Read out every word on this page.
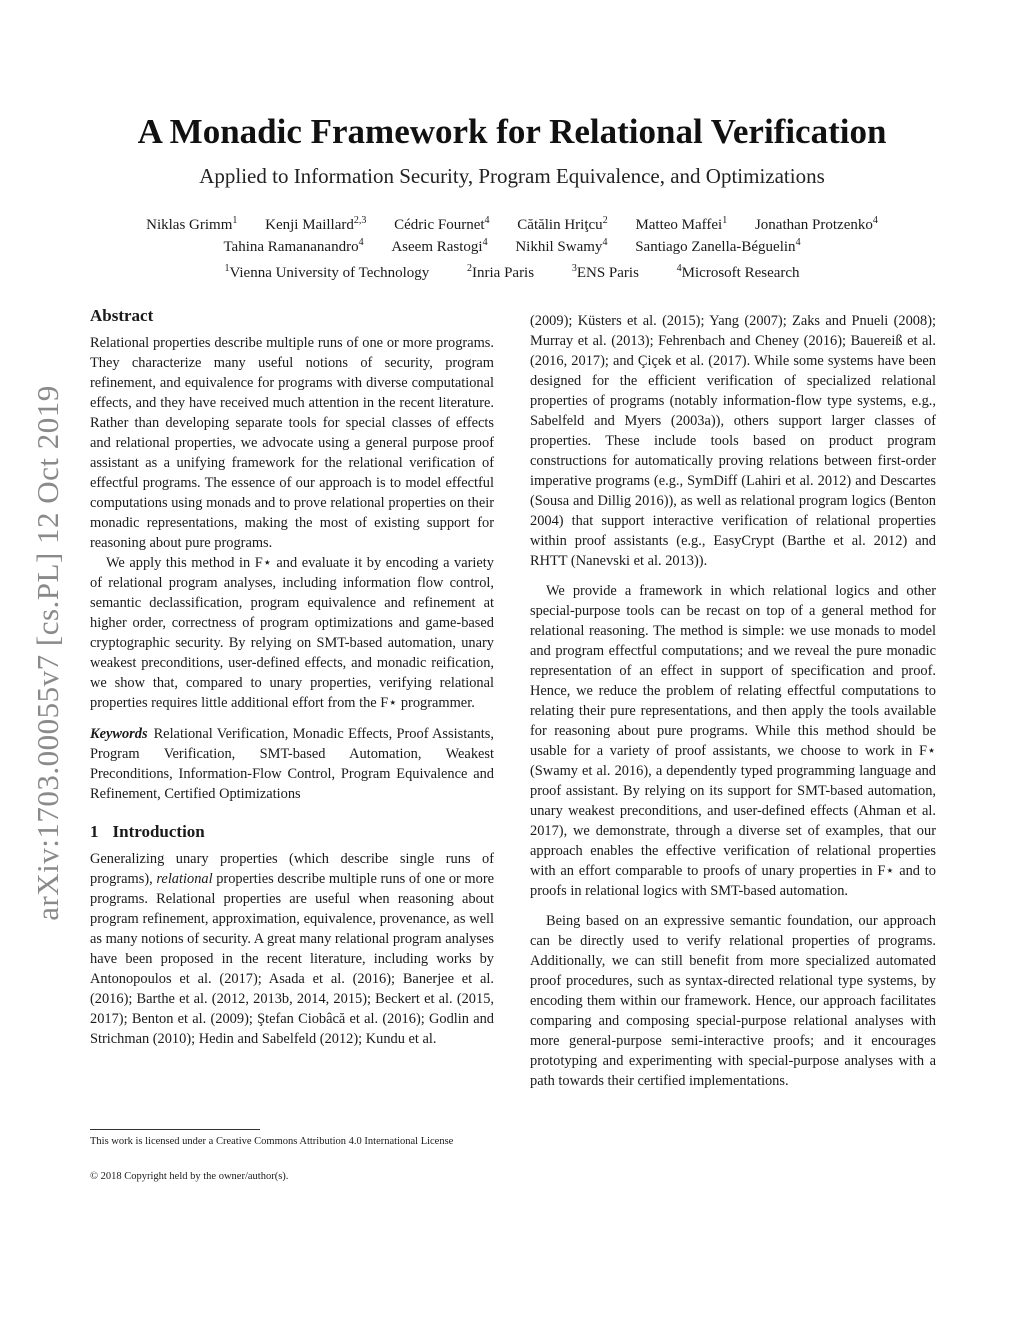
arXiv:1703.00055v7 [cs.PL] 12 Oct 2019
A Monadic Framework for Relational Verification
Applied to Information Security, Program Equivalence, and Optimizations
Niklas Grimm$^1$ Kenji Maillard$^{2,3}$ Cédric Fournet$^4$ Cătălin Hriţcu$^2$ Matteo Maffei$^1$ Jonathan Protzenko$^4$
Tahina Ramananandro$^4$ Aseem Rastogi$^4$ Nikhil Swamy$^4$ Santiago Zanella-Béguelin$^4$
$^1$Vienna University of Technology	$^2$Inria Paris	$^3$ENS Paris	$^4$Microsoft Research
Abstract

Relational properties describe multiple runs of one or more programs. They characterize many useful notions of security, program refinement, and equivalence for programs with diverse computational effects, and they have received much attention in the recent literature. Rather than developing separate tools for special classes of effects and relational properties, we advocate using a general purpose proof assistant as a unifying framework for the relational verification of effectful programs. The essence of our approach is to model effectful computations using monads and to prove relational properties on their monadic representations, making the most of existing support for reasoning about pure programs.

We apply this method in F⋆ and evaluate it by encoding a variety of relational program analyses, including information flow control, semantic declassification, program equivalence and refinement at higher order, correctness of program optimizations and game-based cryptographic security. By relying on SMT-based automation, unary weakest preconditions, user-defined effects, and monadic reification, we show that, compared to unary properties, verifying relational properties requires little additional effort from the F⋆ programmer.

Keywords Relational Verification, Monadic Effects, Proof Assistants, Program Verification, SMT-based Automation, Weakest Preconditions, Information-Flow Control, Program Equivalence and Refinement, Certified Optimizations

1 Introduction

Generalizing unary properties (which describe single runs of programs), relational properties describe multiple runs of one or more programs. Relational properties are useful when reasoning about program refinement, approximation, equivalence, provenance, as well as many notions of security. A great many relational program analyses have been proposed in the recent literature, including works by Antonopoulos et al. (2017); Asada et al. (2016); Banerjee et al. (2016); Barthe et al. (2012, 2013b, 2014, 2015); Beckert et al. (2015, 2017); Benton et al. (2009); Ştefan Ciobâcă et al. (2016); Godlin and Strichman (2010); Hedin and Sabelfeld (2012); Kundu et al.

(2009); Küsters et al. (2015); Yang (2007); Zaks and Pnueli (2008); Murray et al. (2013); Fehrenbach and Cheney (2016); Bauereiß et al. (2016, 2017); and Çiçek et al. (2017). While some systems have been designed for the efficient verification of specialized relational properties of programs (notably information-flow type systems, e.g., Sabelfeld and Myers (2003a)), others support larger classes of properties. These include tools based on product program constructions for automatically proving relations between first-order imperative programs (e.g., SymDiff (Lahiri et al. 2012) and Descartes (Sousa and Dillig 2016)), as well as relational program logics (Benton 2004) that support interactive verification of relational properties within proof assistants (e.g., EasyCrypt (Barthe et al. 2012) and RHTT (Nanevski et al. 2013)).

We provide a framework in which relational logics and other special-purpose tools can be recast on top of a general method for relational reasoning. The method is simple: we use monads to model and program effectful computations; and we reveal the pure monadic representation of an effect in support of specification and proof. Hence, we reduce the problem of relating effectful computations to relating their pure representations, and then apply the tools available for reasoning about pure programs. While this method should be usable for a variety of proof assistants, we choose to work in F⋆ (Swamy et al. 2016), a dependently typed programming language and proof assistant. By relying on its support for SMT-based automation, unary weakest preconditions, and user-defined effects (Ahman et al. 2017), we demonstrate, through a diverse set of examples, that our approach enables the effective verification of relational properties with an effort comparable to proofs of unary properties in F⋆ and to proofs in relational logics with SMT-based automation.

Being based on an expressive semantic foundation, our approach can be directly used to verify relational properties of programs. Additionally, we can still benefit from more specialized automated proof procedures, such as syntax-directed relational type systems, by encoding them within our framework. Hence, our approach facilitates comparing and composing special-purpose relational analyses with more general-purpose semi-interactive proofs; and it encourages prototyping and experimenting with special-purpose analyses with a path towards their certified implementations.

This work is licensed under a Creative Commons Attribution 4.0 International License
© 2018 Copyright held by the owner/author(s).
